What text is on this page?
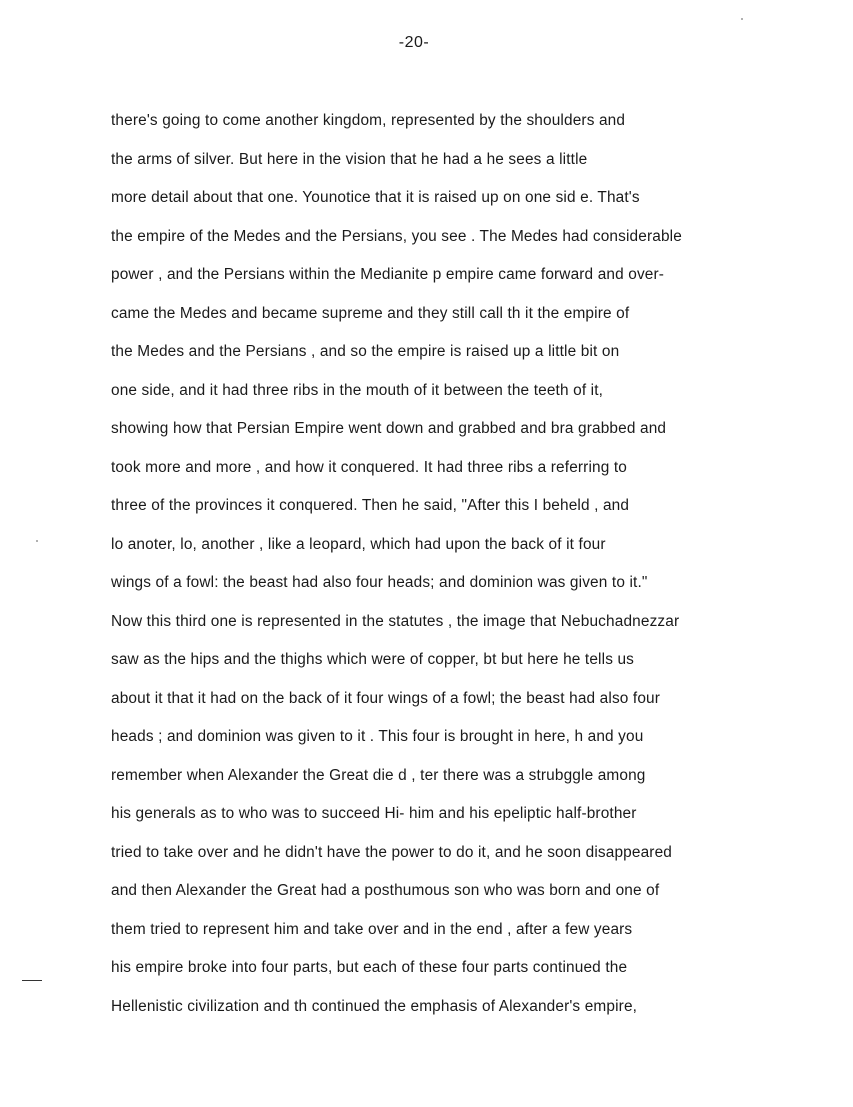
-20-
there's going to come another kingdom, represented by the shoulders and
the arms of silver. But here in the vision that he had a he sees a little
more detail about that one. Younotice that it is raised up on one sid e. That's
the empire of the Medes and the Persians, you see . The Medes had considerable
power , and the Persians within the Medianite p empire came forward and over-
came the Medes and became supreme and they still call th it the empire of
the Medes and the Persians , and so the empire is raised up a little bit on
one side, and it had three ribs in the mouth of it between the teeth of it,
showing how that Persian Empire went down and grabbed and bra grabbed and
took more and more , and how it conquered. It had three ribs a referring to
three of the provinces it conquered. Then he said, "After this I beheld , and
lo anoter, lo, another , like a leopard, which had upon the back of it four
wings of a fowl: the beast had also four heads; and dominion was given to it."
Now this third one is represented in the statutes , the image that Nebuchadnezzar
saw as the hips and the thighs which were of copper, bt but here he tells us
about it that it had on the back of it four wings of a fowl; the beast had also four
heads ; and dominion was given to it . This four is brought in here, h and you
remember when Alexander the Great die d , ter there was a strubggle among
his generals as to who was to succeed Hi- him and his epeliptic half-brother
tried to take over and he didn't have the power to do it, and he soon disappeared
and then Alexander the Great had a posthumous son who was born and one of
them tried to represent him and take over and in the end , after a few years
his empire broke into four parts, but each of these four parts continued the
Hellenistic civilization and th continued the emphasis of Alexander's empire,
